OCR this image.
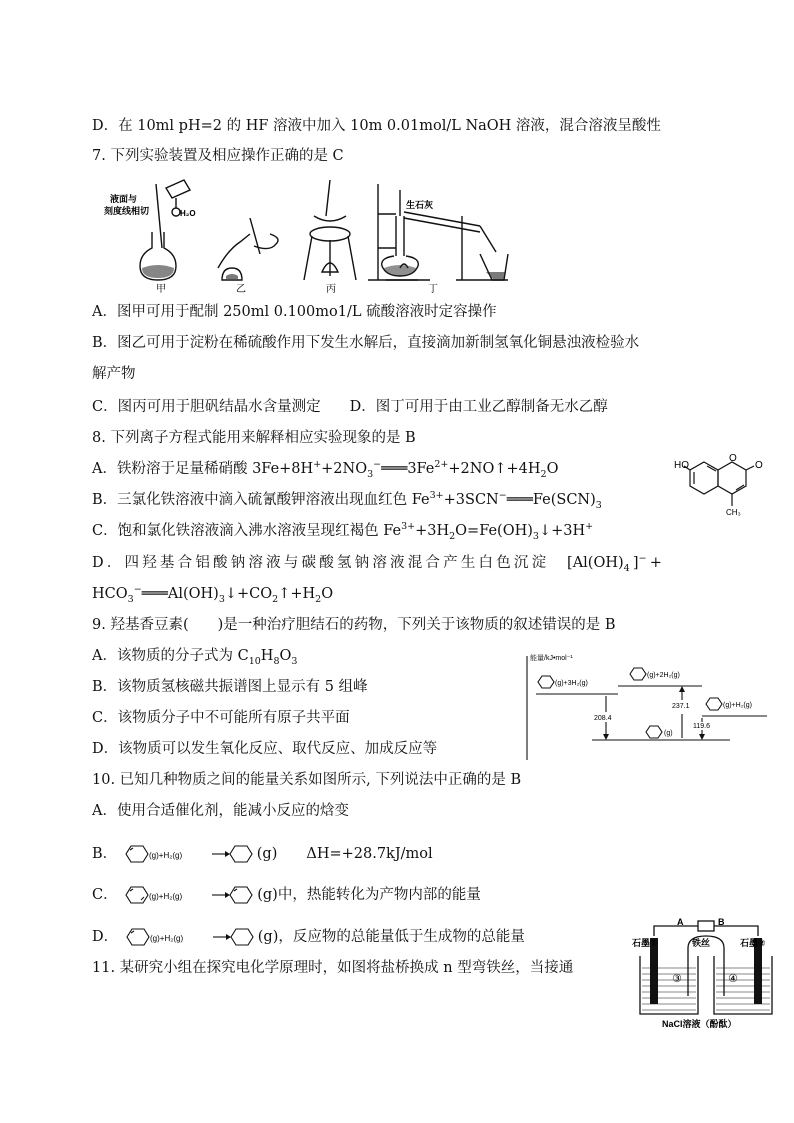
D．在 10ml pH=2 的 HF 溶液中加入 10m 0.01mol/L NaOH 溶液，混合溶液呈酸性
7. 下列实验装置及相应操作正确的是 C
液面与
刻度线相切	H₂O
生石灰
甲	乙	丙	丁
A．图甲可用于配制 250ml 0.100mo1/L 硫酸溶液时定容操作
B．图乙可用于淀粉在稀硫酸作用下发生水解后，直接滴加新制氢氧化铜悬浊液检验水
解产物
C．图丙可用于胆矾结晶水含量测定　　D．图丁可用于由工业乙醇制备无水乙醇
8. 下列离子方程式能用来解释相应实验现象的是 B
A．铁粉溶于足量稀硝酸 $3Fe+8H^++2NO_3^-═══3Fe^{2+}+2NO↑+4H_2O$	HO
O
O
CH₃
B．三氯化铁溶液中滴入硫氰酸钾溶液出现血红色 $Fe^{3+}+3SCN^-═══Fe(SCN)_3$
C．饱和氯化铁溶液滴入沸水溶液呈现红褐色 $Fe^{3+}+3H_2O=Fe(OH)_3↓+3H^+$
D．四羟基合铝酸钠溶液与碳酸氢钠溶液混合产生白色沉淀　 $[Al(OH)_4]^-+$
$HCO_3^-═══Al(OH)_3↓+CO_2↑+H_2O$
9. 羟基香豆素(　　)是一种治疗胆结石的药物，下列关于该物质的叙述错误的是 B
A．该物质的分子式为 $C_{10}H_8O_3$
B．该物质氢核磁共振谱图上显示有 5 组峰
C．该物质分子中不可能所有原子共平面
D．该物质可以发生氧化反应、取代反应、加成反应等
能量/kJ•mol⁻¹
(g)+3H₂(g)
(g)+2H₂(g)
(g)+H₂(g)
(g)
208.4
237.1
119.6
10. 已知几种物质之间的能量关系如图所示, 下列说法中正确的是 B
A．使用合适催化剂，能减小反应的焓变
B．	(g)+H₂(g)	(g)　　ΔH=+28.7kJ/mol
C．	(g)+H₂(g)	(g)中，热能转化为产物内部的能量
D．	(g)+H₂(g)	(g)，反应物的总能量低于生成物的总能量
11. 某研究小组在探究电化学原理时，如图将盐桥换成 n 型弯铁丝，当接通
A	B
石墨①	铁丝	石墨②
③	④
NaCl溶液（酚酞）
